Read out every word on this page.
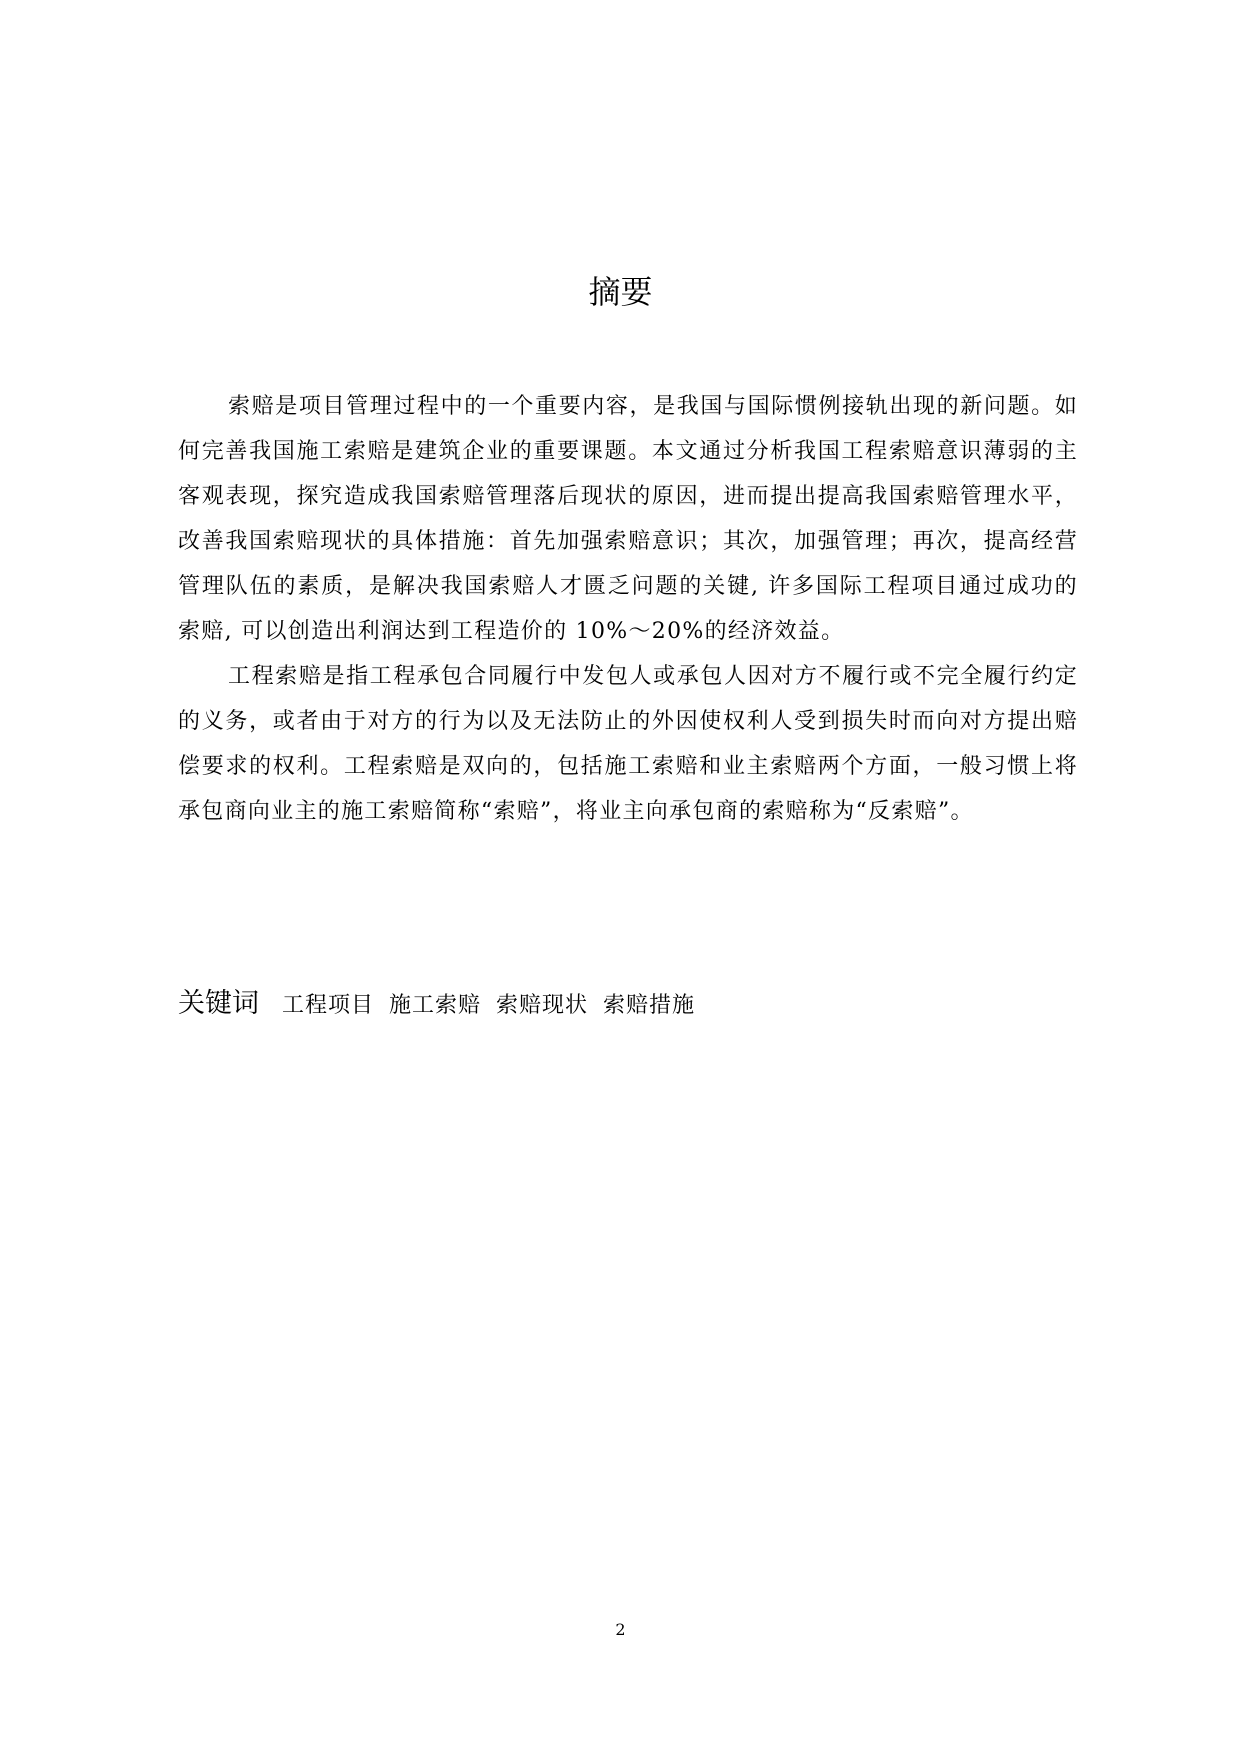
摘要

索赔是项目管理过程中的一个重要内容，是我国与国际惯例接轨出现的新问题。如何完善我国施工索赔是建筑企业的重要课题。本文通过分析我国工程索赔意识薄弱的主客观表现，探究造成我国索赔管理落后现状的原因，进而提出提高我国索赔管理水平，改善我国索赔现状的具体措施：首先加强索赔意识；其次，加强管理；再次，提高经营管理队伍的素质，是解决我国索赔人才匮乏问题的关键, 许多国际工程项目通过成功的索赔, 可以创造出利润达到工程造价的 10%～20%的经济效益。

工程索赔是指工程承包合同履行中发包人或承包人因对方不履行或不完全履行约定的义务，或者由于对方的行为以及无法防止的外因使权利人受到损失时而向对方提出赔偿要求的权利。工程索赔是双向的，包括施工索赔和业主索赔两个方面，一般习惯上将承包商向业主的施工索赔简称“索赔”，将业主向承包商的索赔称为“反索赔”。

关键词 工程项目 施工索赔 索赔现状 索赔措施
2
